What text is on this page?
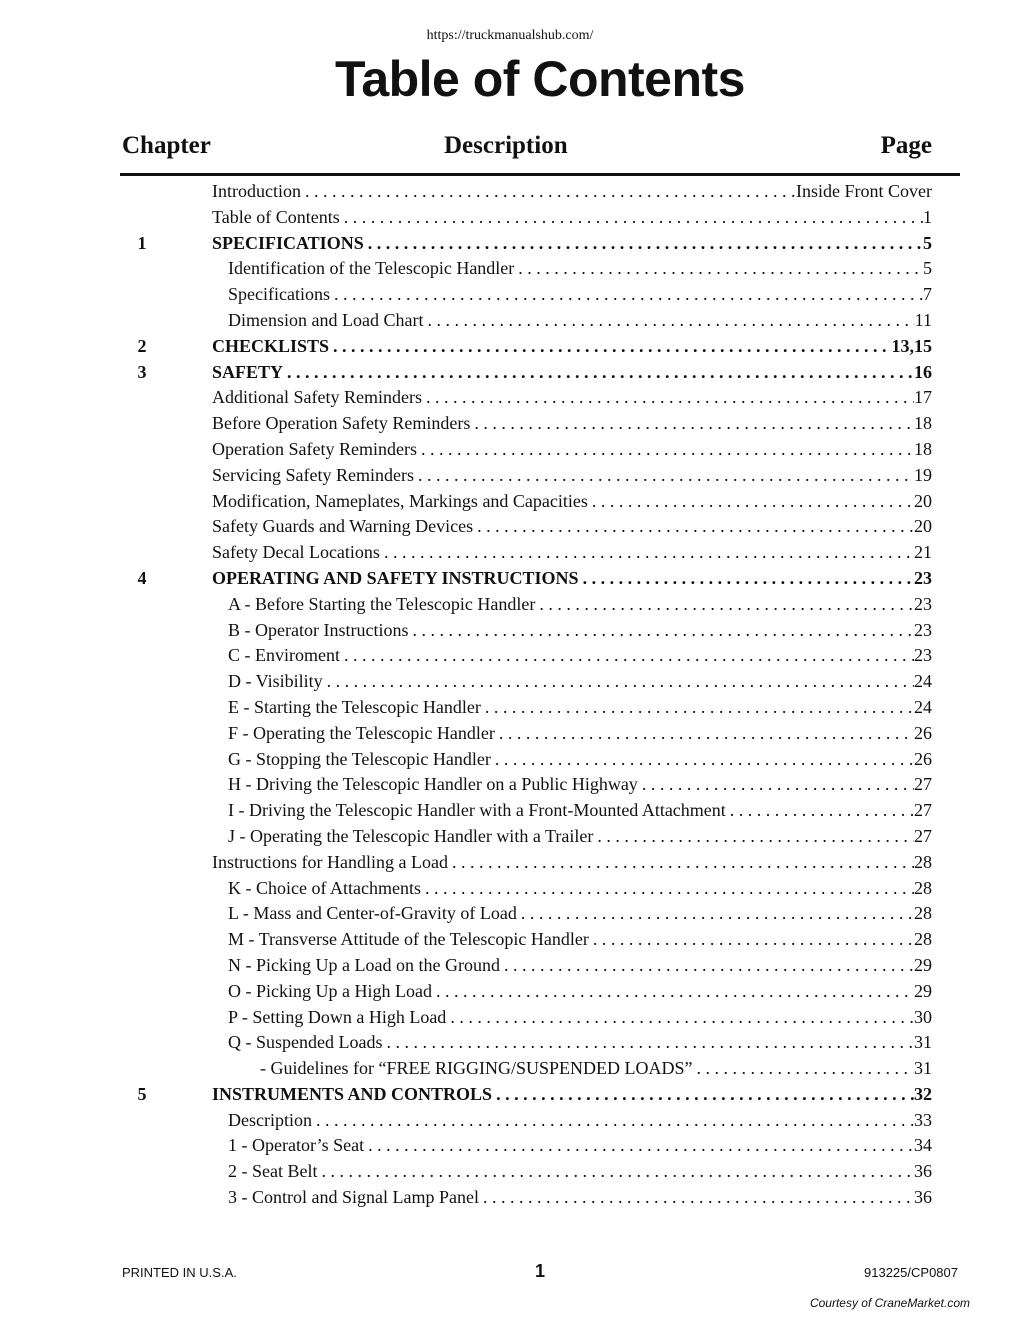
https://truckmanualshub.com/
Table of Contents
Chapter	Description	Page
Introduction . . .	Inside Front Cover
Table of Contents . . .	1
1	SPECIFICATIONS . . .	5
Identification of the Telescopic Handler . . .	5
Specifications . . .	7
Dimension and Load Chart . . .	11
2	CHECKLISTS . . .	13,15
3	SAFETY . . .	16
Additional Safety Reminders . . .	17
Before Operation Safety Reminders . . .	18
Operation Safety Reminders . . .	18
Servicing Safety Reminders . . .	19
Modification, Nameplates, Markings and Capacities . . .	20
Safety Guards and Warning Devices . . .	20
Safety Decal Locations . . .	21
4	OPERATING AND SAFETY INSTRUCTIONS . . .	23
A - Before Starting the Telescopic Handler . . .	23
B - Operator Instructions . . .	23
C - Enviroment . . .	23
D - Visibility . . .	24
E - Starting the Telescopic Handler . . .	24
F - Operating the Telescopic Handler . . .	26
G - Stopping the Telescopic Handler . . .	26
H - Driving the Telescopic Handler on a Public Highway . . .	27
I - Driving the Telescopic Handler with a Front-Mounted Attachment . . .	27
J - Operating the Telescopic Handler with a Trailer . . .	27
Instructions for Handling a Load . . .	28
K - Choice of Attachments . . .	28
L - Mass and Center-of-Gravity of Load . . .	28
M - Transverse Attitude of the Telescopic Handler . . .	28
N - Picking Up a Load on the Ground . . .	29
O - Picking Up a High Load . . .	29
P - Setting Down a High Load . . .	30
Q - Suspended Loads . . .	31
- Guidelines for “FREE RIGGING/SUSPENDED LOADS” . . .	31
5	INSTRUMENTS AND CONTROLS . . .	32
Description . . .	33
1 - Operator’s Seat . . .	34
2 - Seat Belt . . .	36
3 - Control and Signal Lamp Panel . . .	36
PRINTED IN U.S.A.	1	913225/CP0807
Courtesy of CraneMarket.com
